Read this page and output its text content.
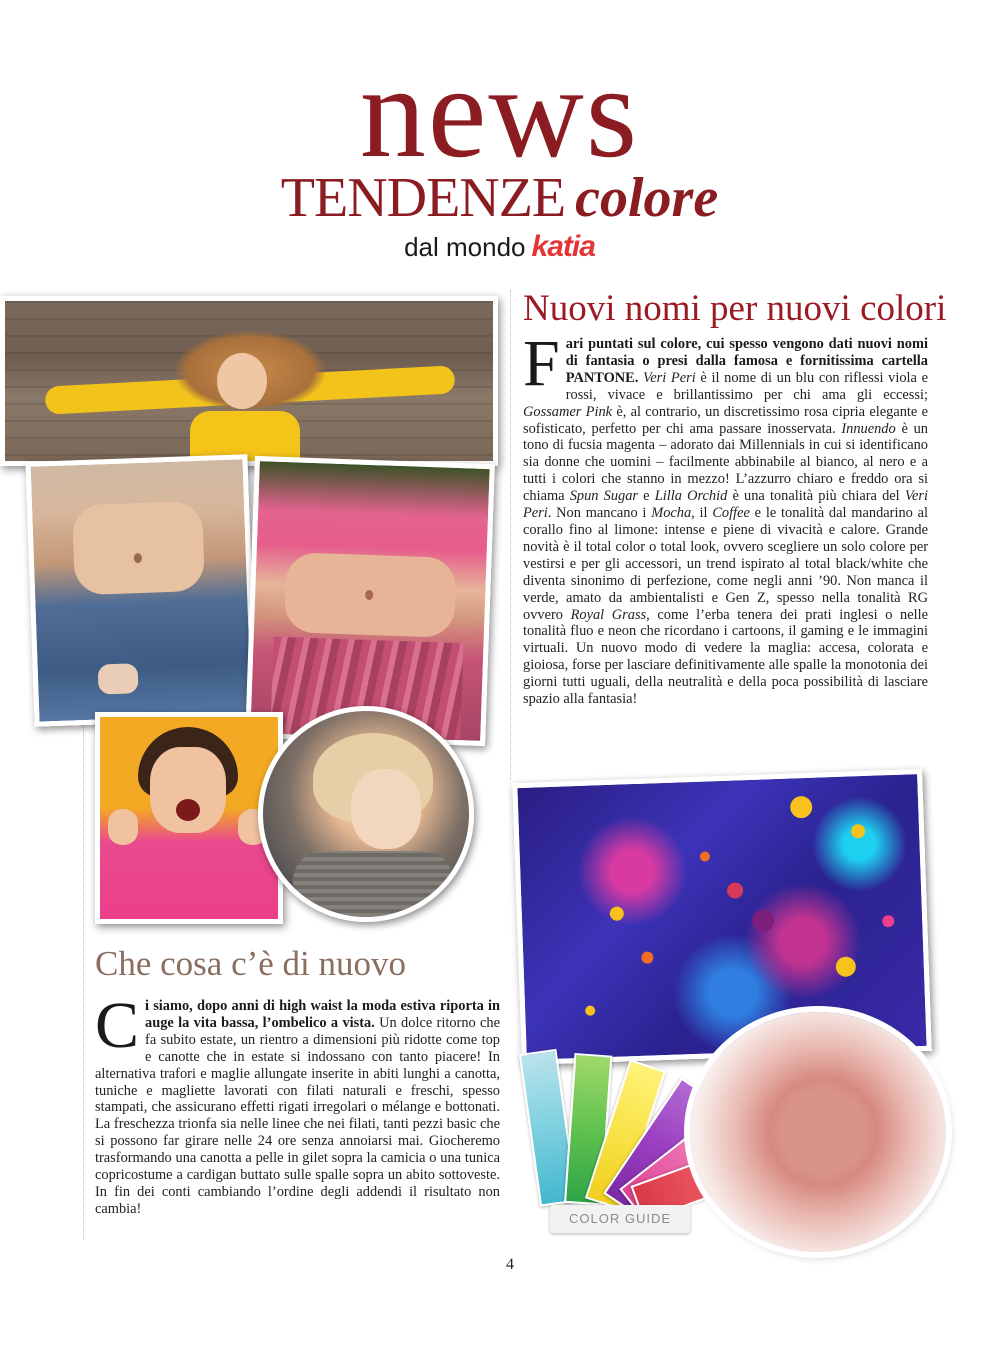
news
TENDENZE colore
dal mondo katia
COLOR GUIDE
Nuovi nomi per nuovi colori
Che cosa c’è di nuovo
Fari puntati sul colore, cui spesso vengono dati nuovi nomi di fantasia o presi dalla famosa e fornitissima cartella PANTONE. Veri Peri è il nome di un blu con riflessi viola e rossi, vivace e brillantissimo per chi ama gli eccessi; Gossamer Pink è, al contrario, un discretissimo rosa cipria elegante e sofisticato, perfetto per chi ama passare inosservata. Innuendo è un tono di fucsia magenta – adorato dai Millennials in cui si identificano sia donne che uomini – facilmente abbinabile al bianco, al nero e a tutti i colori che stanno in mezzo! L’azzurro chiaro e freddo ora si chiama Spun Sugar e Lilla Orchid è una tonalità più chiara del Veri Peri. Non mancano i Mocha, il Coffee e le tonalità dal mandarino al corallo fino al limone: intense e piene di vivacità e calore. Grande novità è il total color o total look, ovvero scegliere un solo colore per vestirsi e per gli accessori, un trend ispirato al total black/white che diventa sinonimo di perfezione, come negli anni ’90. Non manca il verde, amato da ambientalisti e Gen Z, spesso nella tonalità RG ovvero Royal Grass, come l’erba tenera dei prati inglesi o nelle tonalità fluo e neon che ricordano i cartoons, il gaming e le immagini virtuali. Un nuovo modo di vedere la maglia: accesa, colorata e gioiosa, forse per lasciare definitivamente alle spalle la monotonia dei giorni tutti uguali, della neutralità e della poca possibilità di lasciare spazio alla fantasia!
Ci siamo, dopo anni di high waist la moda estiva riporta in auge la vita bassa, l’ombelico a vista. Un dolce ritorno che fa subito estate, un rientro a dimensioni più ridotte come top e canotte che in estate si indossano con tanto piacere! In alternativa trafori e maglie allungate inserite in abiti lunghi a canotta, tuniche e magliette lavorati con filati naturali e freschi, spesso stampati, che assicurano effetti rigati irregolari o mélange e bottonati. La freschezza trionfa sia nelle linee che nei filati, tanti pezzi basic che si possono far girare nelle 24 ore senza annoiarsi mai. Giocheremo trasformando una canotta a pelle in gilet sopra la camicia o una tunica copricostume a cardigan buttato sulle spalle sopra un abito sottoveste. In fin dei conti cambiando l’ordine degli addendi il risultato non cambia!
4
